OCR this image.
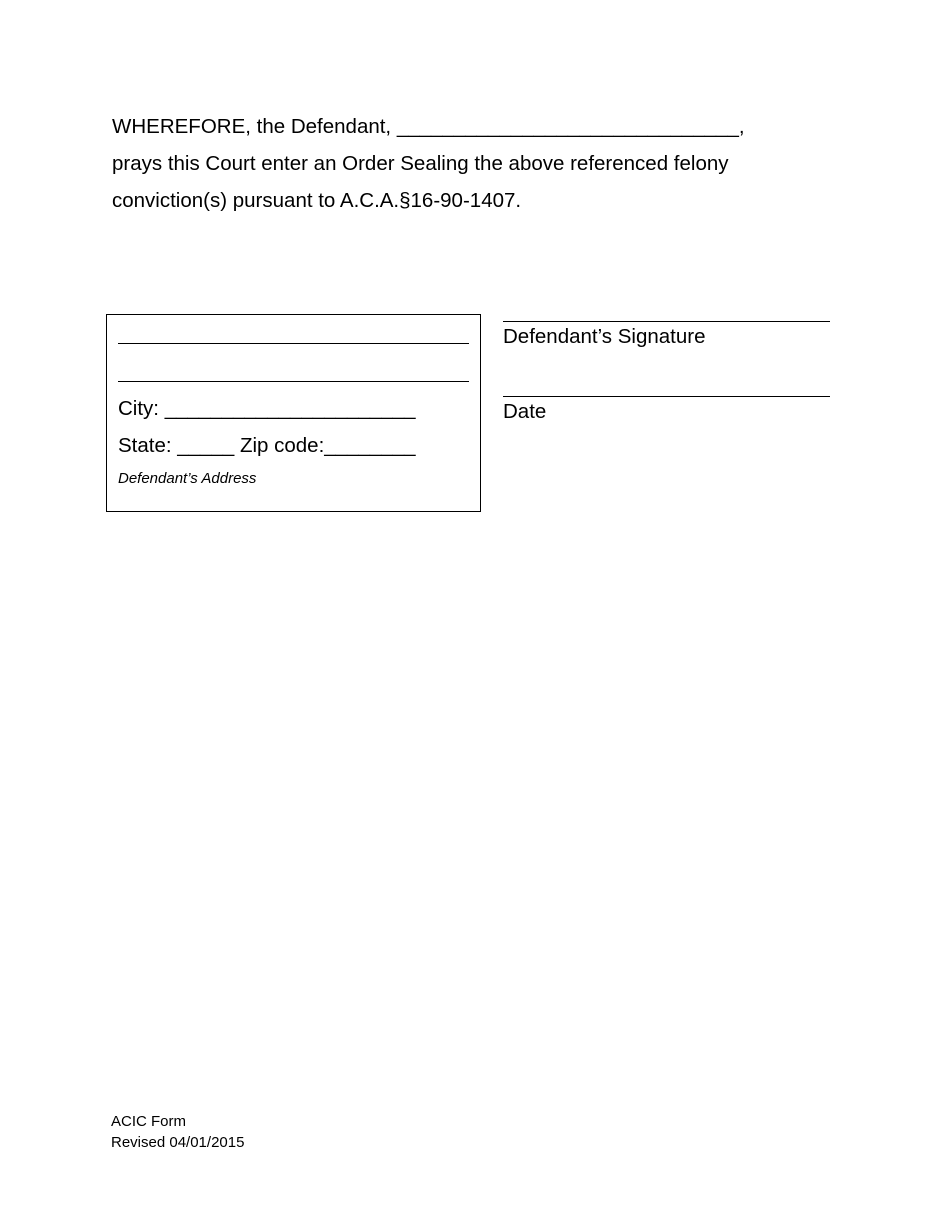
WHEREFORE, the Defendant, ______________________________,

prays this Court enter an Order Sealing the above referenced felony

conviction(s) pursuant to A.C.A.§16-90-1407.

City: ______________________
State: _____ Zip code:________
Defendant’s Address
Defendant’s Signature
Date
ACIC Form
Revised 04/01/2015
